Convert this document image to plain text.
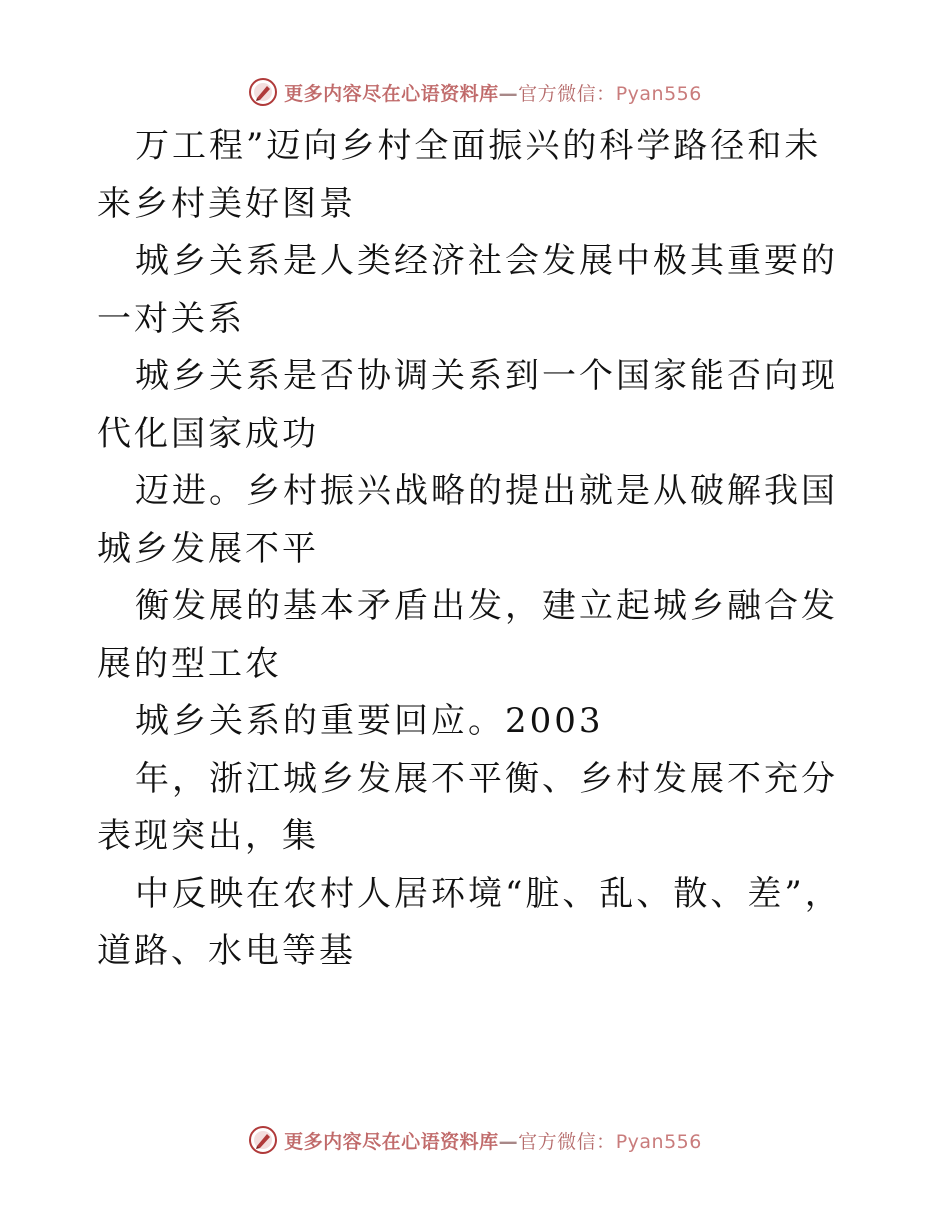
更多内容尽在心语资料库—官方微信：Pyan556

万工程”迈向乡村全面振兴的科学路径和未来乡村美好图景

城乡关系是人类经济社会发展中极其重要的一对关系

城乡关系是否协调关系到一个国家能否向现代化国家成功

迈进。乡村振兴战略的提出就是从破解我国城乡发展不平

衡发展的基本矛盾出发，建立起城乡融合发展的型工农

城乡关系的重要回应。2003

年，浙江城乡发展不平衡、乡村发展不充分表现突出，集

中反映在农村人居环境“脏、乱、散、差”，道路、水电等基

更多内容尽在心语资料库—官方微信：Pyan556
